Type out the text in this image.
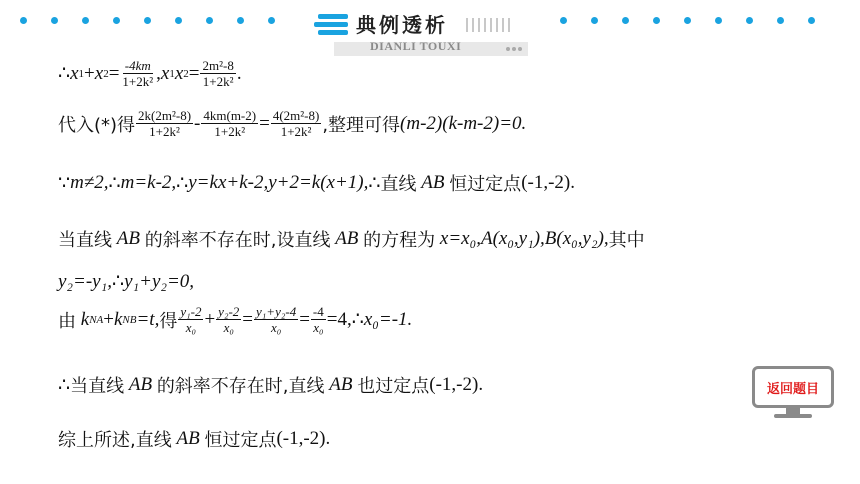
典例透析
DIANLI TOUXI
∴ x 1 + x $2 = \frac{-4km}{\text{1+2k²}}$ , x 1 x $2 = \frac{\text{2m²-8}}{\text{1+2k²}}$ .
代入(*)得 $\frac{\text{2k(2m²-8)}}{\text{1+2k²}} - \frac{4km(m-2)}{\text{1+2k²}} = \frac{\text{4(2m²-8)}}{\text{1+2k²}}$ ,整理可得 (m-2)(k-m-2)=0.
∵ m≠2, ∴ m=k-2, ∴ y=kx+k-2,y+2=k(x+1), ∴ 直线
AB
恒过定点 (-1,-2).
当直线
AB
的斜率不存在时,设直线
AB
的方程为
x=x₀,A(x₀,y₁),B(x₀,y₂), 其中
y₂=-y₁, ∴ y₁+y₂=0,
由
k NA + k NB =t, 得 $\frac{\text{y₁-2}}{\text{x₀}} + \frac{\text{y₂-2}}{\text{x₀}} = \frac{\text{y₁+y₂-4}}{\text{x₀}} = \frac{-4}{\text{x₀}} =4$, ∴ x₀=-1.
∴ 当直线
AB
的斜率不存在时,直线
AB
也过定点 (-1,-2).
综上所述,直线
AB
恒过定点 (-1,-2).
返回题目
